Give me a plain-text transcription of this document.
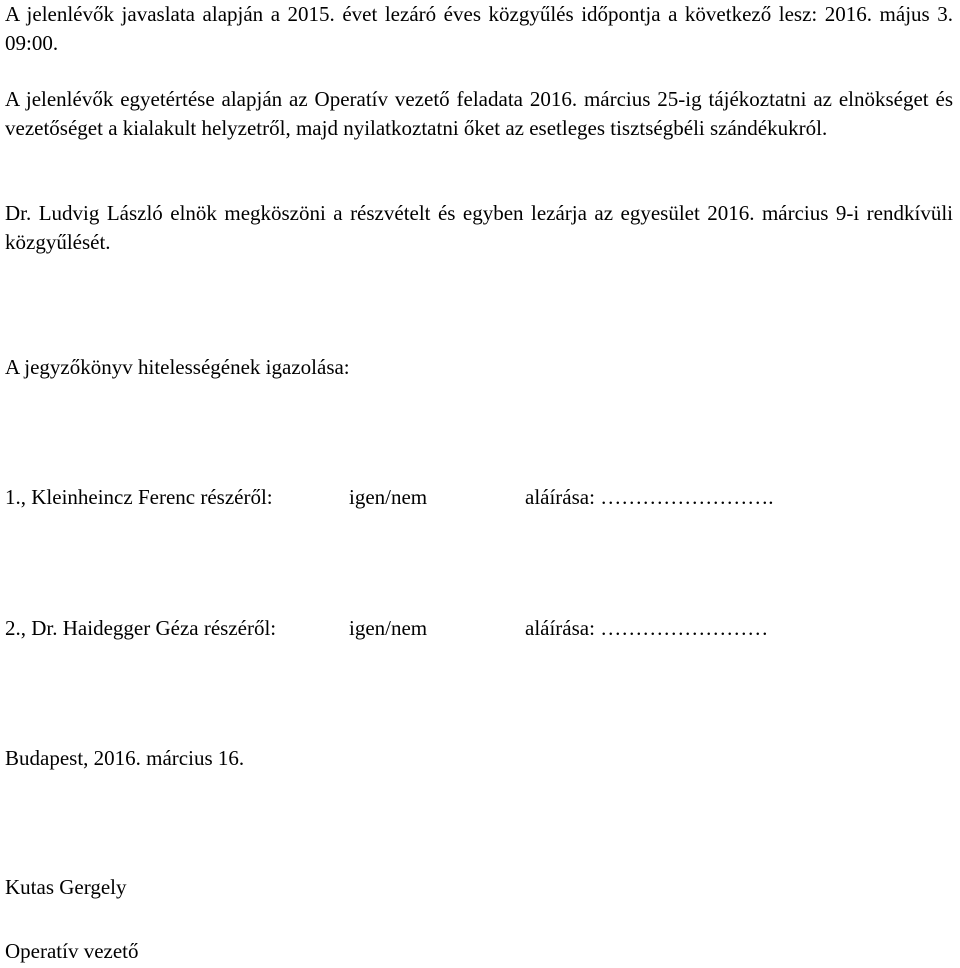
A jelenlévők javaslata alapján a 2015. évet lezáró éves közgyűlés időpontja a következő lesz: 2016. május 3. 09:00.

A jelenlévők egyetértése alapján az Operatív vezető feladata 2016. március 25-ig tájékoztatni az elnökséget és vezetőséget a kialakult helyzetről, majd nyilatkoztatni őket az esetleges tisztségbéli szándékukról.

Dr. Ludvig László elnök megköszöni a részvételt és egyben lezárja az egyesület 2016. március 9-i rendkívüli közgyűlését.

A jegyzőkönyv hitelességének igazolása:

1., Kleinheincz Ferenc részéről:	igen/nem	aláírása: …………………….
2., Dr. Haidegger Géza részéről:	igen/nem	aláírása: ……………………

Budapest, 2016. március 16.

Kutas Gergely

Operatív vezető
